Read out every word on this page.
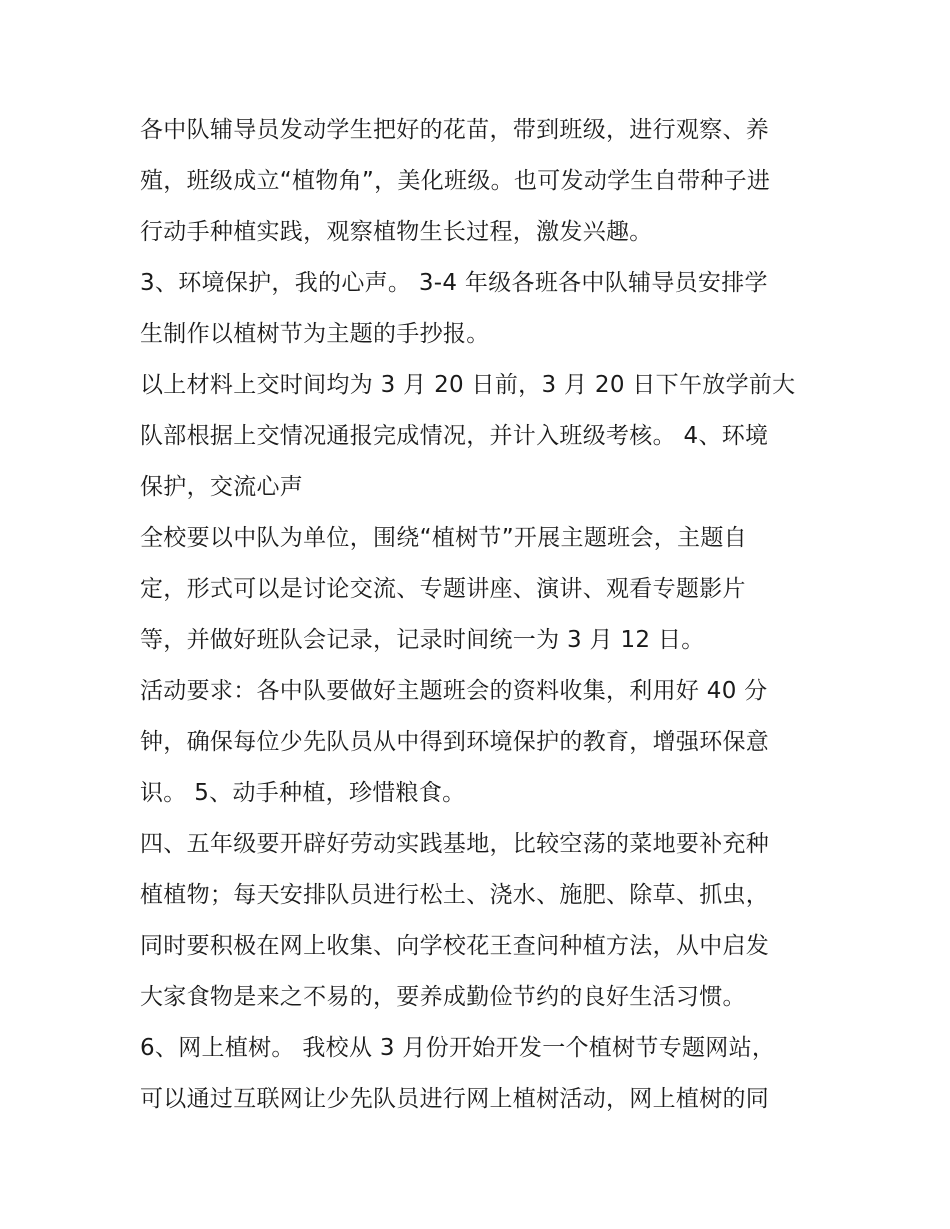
各中队辅导员发动学生把好的花苗，带到班级，进行观察、养
殖，班级成立“植物角”，美化班级。也可发动学生自带种子进
行动手种植实践，观察植物生长过程，激发兴趣。
3、环境保护，我的心声。 3-4 年级各班各中队辅导员安排学
生制作以植树节为主题的手抄报。
以上材料上交时间均为 3 月 20 日前，3 月 20 日下午放学前大
队部根据上交情况通报完成情况，并计入班级考核。 4、环境
保护，交流心声
全校要以中队为单位，围绕“植树节”开展主题班会，主题自
定，形式可以是讨论交流、专题讲座、演讲、观看专题影片
等，并做好班队会记录，记录时间统一为 3 月 12 日。
活动要求：各中队要做好主题班会的资料收集，利用好 40 分
钟，确保每位少先队员从中得到环境保护的教育，增强环保意
识。 5、动手种植，珍惜粮食。
四、五年级要开辟好劳动实践基地，比较空荡的菜地要补充种
植植物；每天安排队员进行松土、浇水、施肥、除草、抓虫，
同时要积极在网上收集、向学校花王查问种植方法，从中启发
大家食物是来之不易的，要养成勤俭节约的良好生活习惯。
6、网上植树。 我校从 3 月份开始开发一个植树节专题网站，
可以通过互联网让少先队员进行网上植树活动，网上植树的同
